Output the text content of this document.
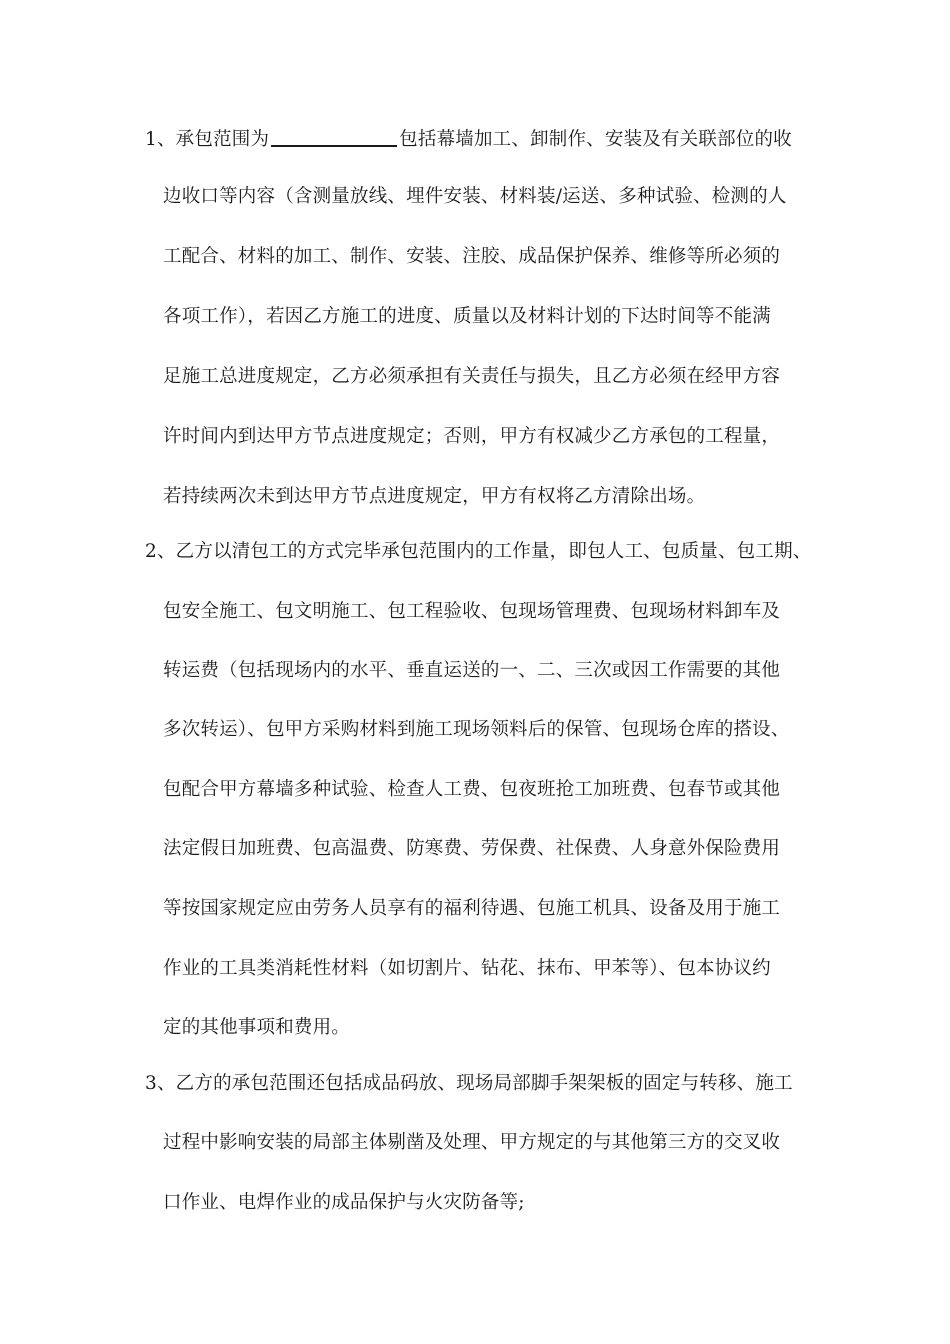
1、承包范围为	包括幕墙加工、卸制作、安装及有关联部位的收
边收口等内容（含测量放线、埋件安装、材料装/运送、多种试验、检测的人
工配合、材料的加工、制作、安装、注胶、成品保护保养、维修等所必须的
各项工作），若因乙方施工的进度、质量以及材料计划的下达时间等不能满
足施工总进度规定，乙方必须承担有关责任与损失，且乙方必须在经甲方容
许时间内到达甲方节点进度规定；否则，甲方有权减少乙方承包的工程量，
若持续两次未到达甲方节点进度规定，甲方有权将乙方清除出场。
2、乙方以清包工的方式完毕承包范围内的工作量，即包人工、包质量、包工期、
包安全施工、包文明施工、包工程验收、包现场管理费、包现场材料卸车及
转运费（包括现场内的水平、垂直运送的一、二、三次或因工作需要的其他
多次转运）、包甲方采购材料到施工现场领料后的保管、包现场仓库的搭设、
包配合甲方幕墙多种试验、检查人工费、包夜班抢工加班费、包春节或其他
法定假日加班费、包高温费、防寒费、劳保费、社保费、人身意外保险费用
等按国家规定应由劳务人员享有的福利待遇、包施工机具、设备及用于施工
作业的工具类消耗性材料（如切割片、钻花、抹布、甲苯等）、包本协议约
定的其他事项和费用。
3、乙方的承包范围还包括成品码放、现场局部脚手架架板的固定与转移、施工
过程中影响安装的局部主体剔凿及处理、甲方规定的与其他第三方的交叉收
口作业、电焊作业的成品保护与火灾防备等;
